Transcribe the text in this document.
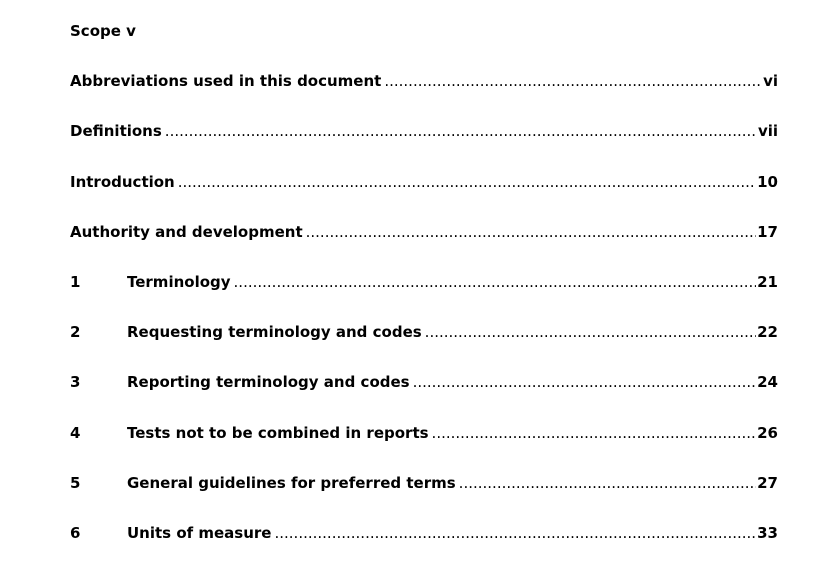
Scope v
Abbreviations used in this document .....	vi
Definitions .....	vii
Introduction .....	10
Authority and development .....	17
1	Terminology .....	21
2	Requesting terminology and codes .....	22
3	Reporting terminology and codes .....	24
4	Tests not to be combined in reports .....	26
5	General guidelines for preferred terms .....	27
6	Units of measure .....	33
